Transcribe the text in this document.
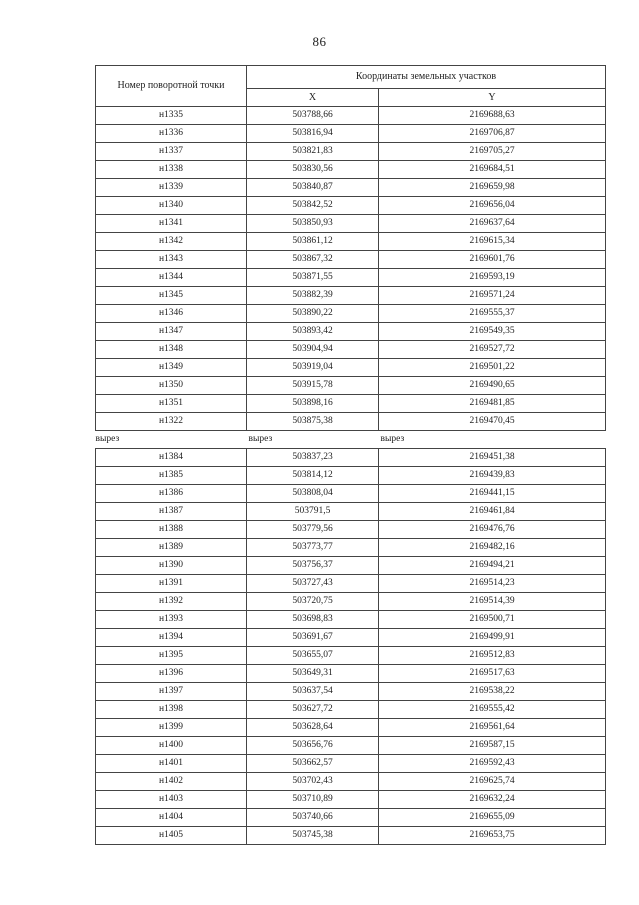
86
Номер поворотной точки	Координаты земельных участков	
	X	Y
н1335	503788,66	2169688,63
н1336	503816,94	2169706,87
н1337	503821,83	2169705,27
н1338	503830,56	2169684,51
н1339	503840,87	2169659,98
н1340	503842,52	2169656,04
н1341	503850,93	2169637,64
н1342	503861,12	2169615,34
н1343	503867,32	2169601,76
н1344	503871,55	2169593,19
н1345	503882,39	2169571,24
н1346	503890,22	2169555,37
н1347	503893,42	2169549,35
н1348	503904,94	2169527,72
н1349	503919,04	2169501,22
н1350	503915,78	2169490,65
н1351	503898,16	2169481,85
н1322	503875,38	2169470,45
вырез	вырез	вырез
н1384	503837,23	2169451,38
н1385	503814,12	2169439,83
н1386	503808,04	2169441,15
н1387	503791,5	2169461,84
н1388	503779,56	2169476,76
н1389	503773,77	2169482,16
н1390	503756,37	2169494,21
н1391	503727,43	2169514,23
н1392	503720,75	2169514,39
н1393	503698,83	2169500,71
н1394	503691,67	2169499,91
н1395	503655,07	2169512,83
н1396	503649,31	2169517,63
н1397	503637,54	2169538,22
н1398	503627,72	2169555,42
н1399	503628,64	2169561,64
н1400	503656,76	2169587,15
н1401	503662,57	2169592,43
н1402	503702,43	2169625,74
н1403	503710,89	2169632,24
н1404	503740,66	2169655,09
н1405	503745,38	2169653,75
